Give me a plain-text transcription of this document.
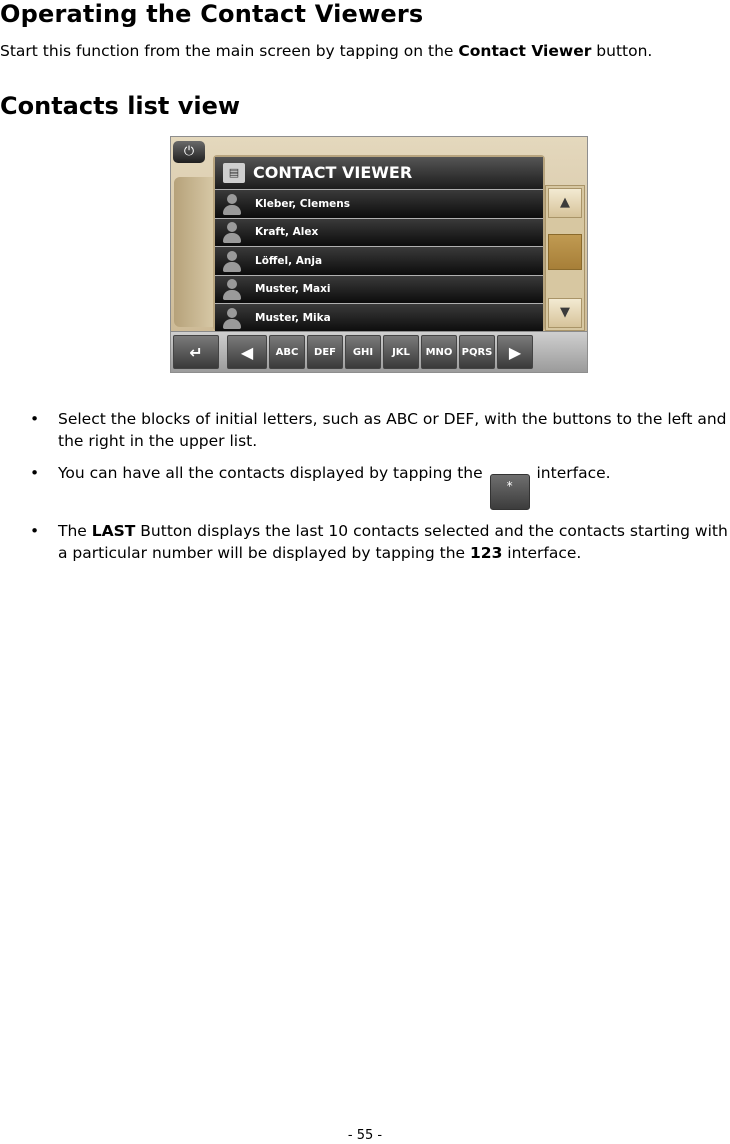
Operating the Contact Viewers

Start this function from the main screen by tapping on the Contact Viewer button.

Contacts list view
⏻
▤ CONTACT VIEWER
Kleber, Clemens
Kraft, Alex
Löffel, Anja
Muster, Maxi
Muster, Mika
▲
▼
↵ ◀	ABC	DEF	GHI	JKL	MNO PQRS ▶
• Select the blocks of initial letters, such as ABC or DEF, with the buttons to the left and the right in the upper list.
• You can have all the contacts displayed by tapping the * interface.
• The LAST Button displays the last 10 contacts selected and the contacts starting with a particular number will be displayed by tapping the 123 interface.
- 55 -
